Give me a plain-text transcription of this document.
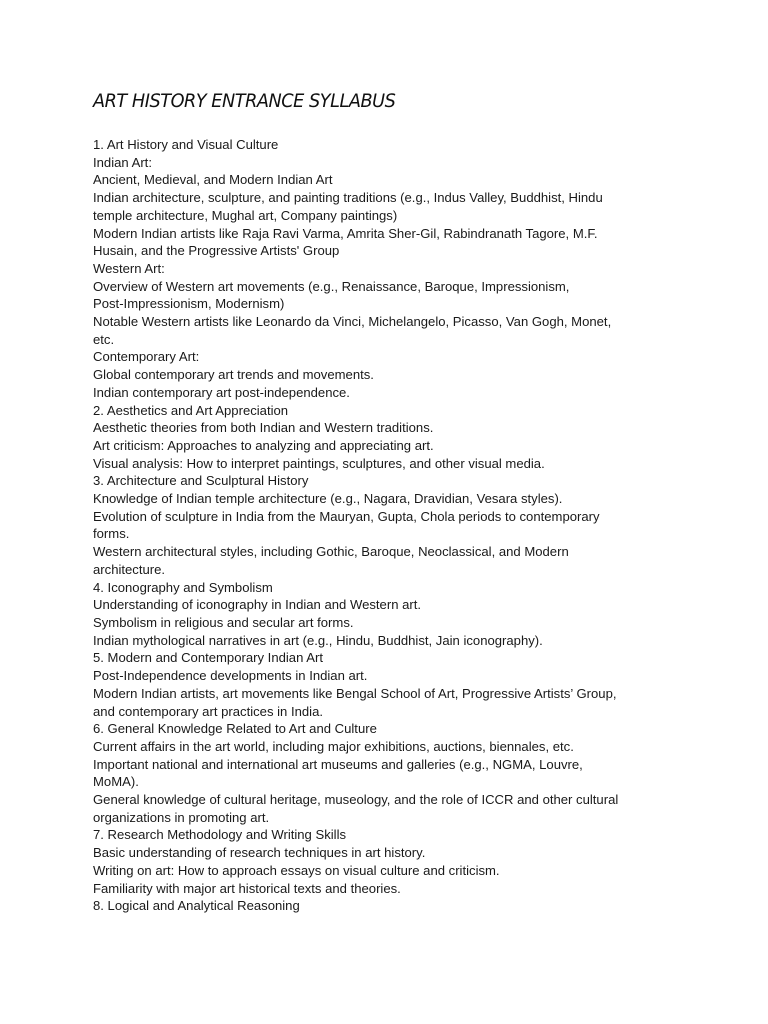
ART HISTORY ENTRANCE SYLLABUS
1. Art History and Visual Culture
Indian Art:
Ancient, Medieval, and Modern Indian Art
Indian architecture, sculpture, and painting traditions (e.g., Indus Valley, Buddhist, Hindu
temple architecture, Mughal art, Company paintings)
Modern Indian artists like Raja Ravi Varma, Amrita Sher-Gil, Rabindranath Tagore, M.F.
Husain, and the Progressive Artists' Group
Western Art:
Overview of Western art movements (e.g., Renaissance, Baroque, Impressionism,
Post-Impressionism, Modernism)
Notable Western artists like Leonardo da Vinci, Michelangelo, Picasso, Van Gogh, Monet,
etc.
Contemporary Art:
Global contemporary art trends and movements.
Indian contemporary art post-independence.
2. Aesthetics and Art Appreciation
Aesthetic theories from both Indian and Western traditions.
Art criticism: Approaches to analyzing and appreciating art.
Visual analysis: How to interpret paintings, sculptures, and other visual media.
3. Architecture and Sculptural History
Knowledge of Indian temple architecture (e.g., Nagara, Dravidian, Vesara styles).
Evolution of sculpture in India from the Mauryan, Gupta, Chola periods to contemporary
forms.
Western architectural styles, including Gothic, Baroque, Neoclassical, and Modern
architecture.
4. Iconography and Symbolism
Understanding of iconography in Indian and Western art.
Symbolism in religious and secular art forms.
Indian mythological narratives in art (e.g., Hindu, Buddhist, Jain iconography).
5. Modern and Contemporary Indian Art
Post-Independence developments in Indian art.
Modern Indian artists, art movements like Bengal School of Art, Progressive Artists’ Group,
and contemporary art practices in India.
6. General Knowledge Related to Art and Culture
Current affairs in the art world, including major exhibitions, auctions, biennales, etc.
Important national and international art museums and galleries (e.g., NGMA, Louvre,
MoMA).
General knowledge of cultural heritage, museology, and the role of ICCR and other cultural
organizations in promoting art.
7. Research Methodology and Writing Skills
Basic understanding of research techniques in art history.
Writing on art: How to approach essays on visual culture and criticism.
Familiarity with major art historical texts and theories.
8. Logical and Analytical Reasoning
